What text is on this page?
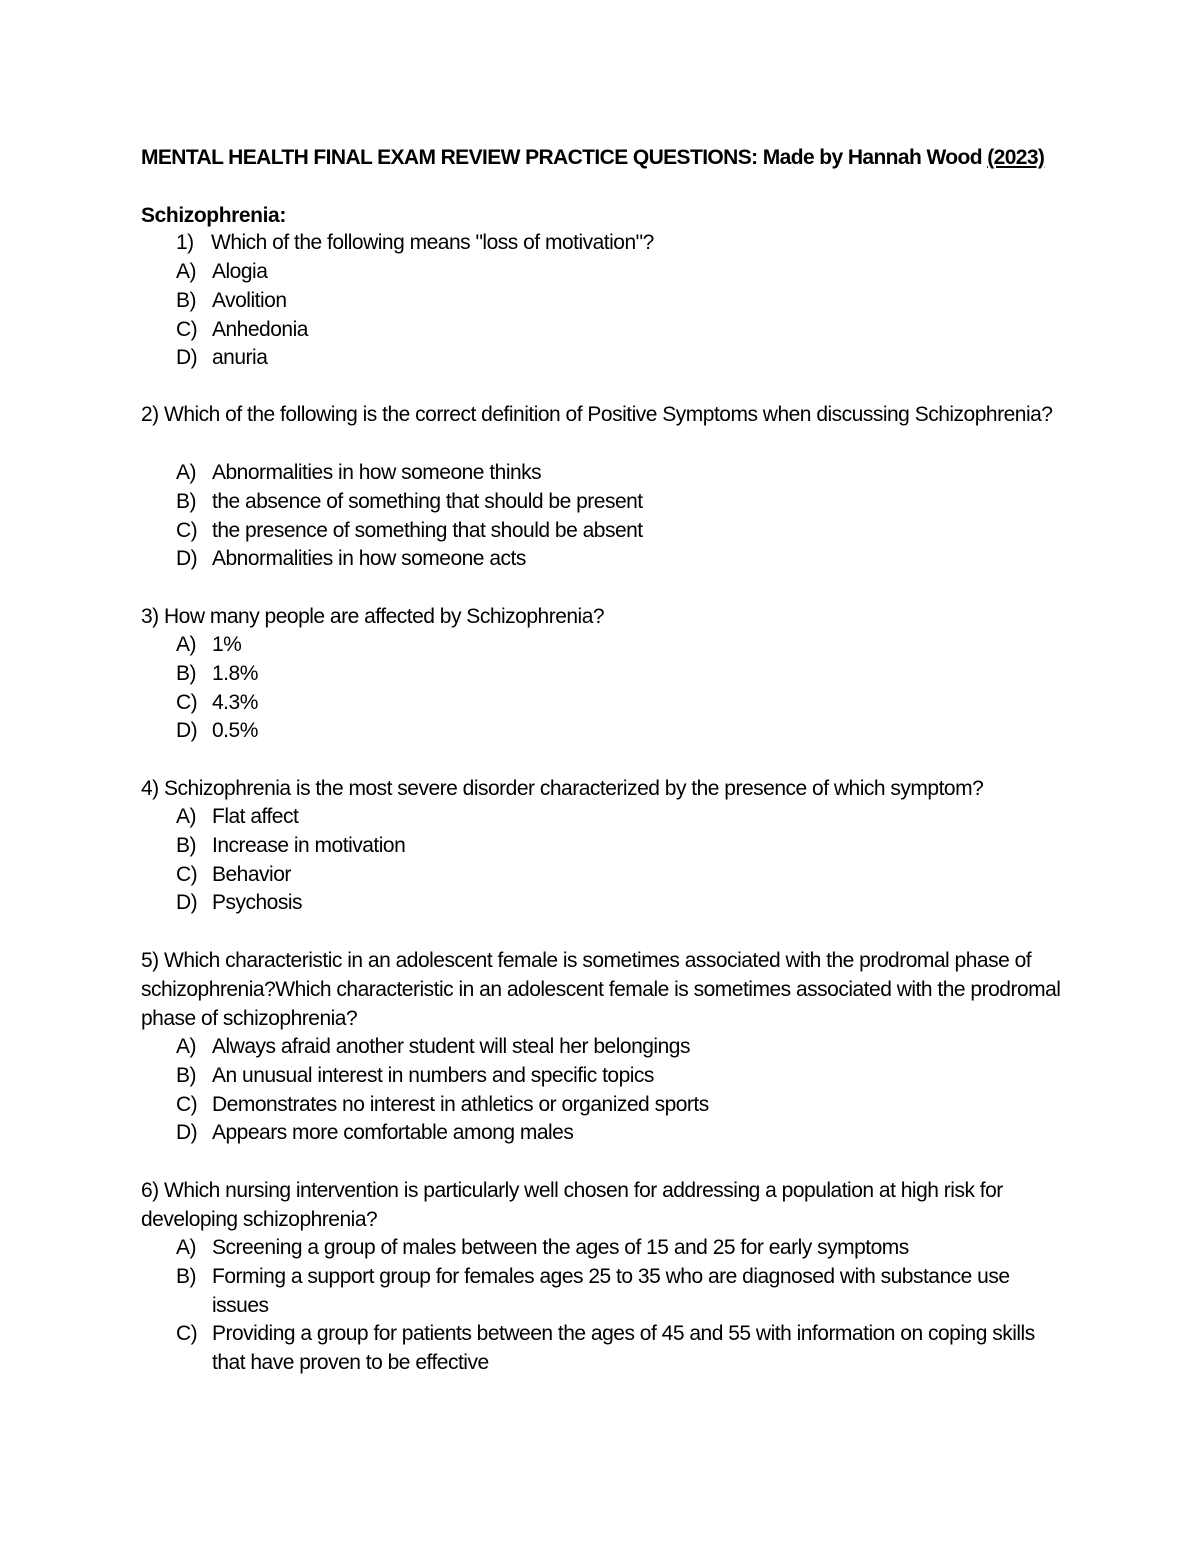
MENTAL HEALTH FINAL EXAM REVIEW PRACTICE QUESTIONS: Made by Hannah Wood (2023)
Schizophrenia:
1) Which of the following means "loss of motivation"?
A) Alogia
B) Avolition
C) Anhedonia
D) anuria
2) Which of the following is the correct definition of Positive Symptoms when discussing Schizophrenia?
A) Abnormalities in how someone thinks
B) the absence of something that should be present
C) the presence of something that should be absent
D) Abnormalities in how someone acts
3) How many people are affected by Schizophrenia?
A) 1%
B) 1.8%
C) 4.3%
D) 0.5%
4) Schizophrenia is the most severe disorder characterized by the presence of which symptom?
A) Flat affect
B) Increase in motivation
C) Behavior
D) Psychosis
5) Which characteristic in an adolescent female is sometimes associated with the prodromal phase of schizophrenia?Which characteristic in an adolescent female is sometimes associated with the prodromal phase of schizophrenia?
A) Always afraid another student will steal her belongings
B) An unusual interest in numbers and specific topics
C) Demonstrates no interest in athletics or organized sports
D) Appears more comfortable among males
6) Which nursing intervention is particularly well chosen for addressing a population at high risk for developing schizophrenia?
A) Screening a group of males between the ages of 15 and 25 for early symptoms
B) Forming a support group for females ages 25 to 35 who are diagnosed with substance use issues
C) Providing a group for patients between the ages of 45 and 55 with information on coping skills that have proven to be effective
